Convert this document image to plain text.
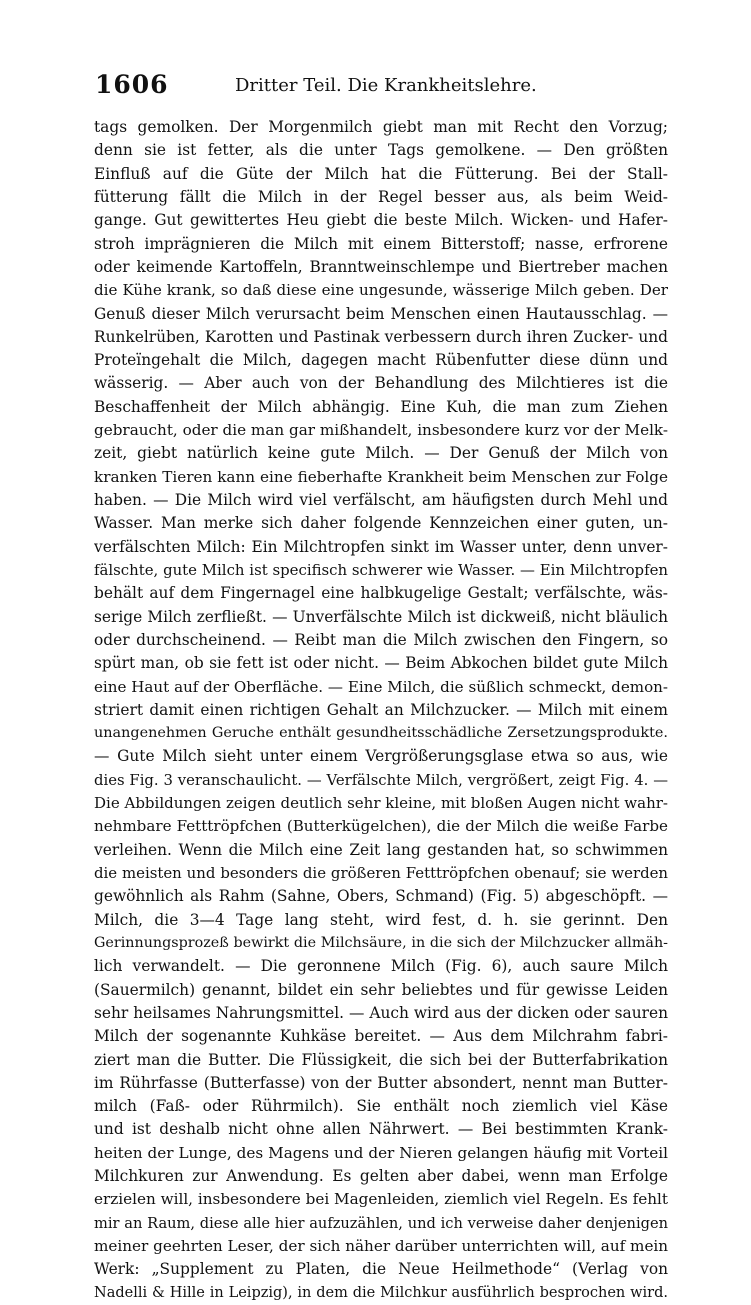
1606	Dritter Teil. Die Krankheitslehre.
tags gemolken. Der Morgenmilch giebt man mit Recht den Vorzug;
denn sie ist fetter, als die unter Tags gemolkene. — Den größten
Einfluß auf die Güte der Milch hat die Fütterung. Bei der Stall-
fütterung fällt die Milch in der Regel besser aus, als beim Weid-
gange. Gut gewittertes Heu giebt die beste Milch. Wicken- und Hafer-
stroh imprägnieren die Milch mit einem Bitterstoff; nasse, erfrorene
oder keimende Kartoffeln, Branntweinschlempe und Biertreber machen
die Kühe krank, so daß diese eine ungesunde, wässerige Milch geben. Der
Genuß dieser Milch verursacht beim Menschen einen Hautausschlag. —
Runkelrüben, Karotten und Pastinak verbessern durch ihren Zucker- und
Proteïngehalt die Milch, dagegen macht Rübenfutter diese dünn und
wässerig. — Aber auch von der Behandlung des Milchtieres ist die
Beschaffenheit der Milch abhängig. Eine Kuh, die man zum Ziehen
gebraucht, oder die man gar mißhandelt, insbesondere kurz vor der Melk-
zeit, giebt natürlich keine gute Milch. — Der Genuß der Milch von
kranken Tieren kann eine fieberhafte Krankheit beim Menschen zur Folge
haben. — Die Milch wird viel verfälscht, am häufigsten durch Mehl und
Wasser. Man merke sich daher folgende Kennzeichen einer guten, un-
verfälschten Milch: Ein Milchtropfen sinkt im Wasser unter, denn unver-
fälschte, gute Milch ist specifisch schwerer wie Wasser. — Ein Milchtropfen
behält auf dem Fingernagel eine halbkugelige Gestalt; verfälschte, wäs-
serige Milch zerfließt. — Unverfälschte Milch ist dickweiß, nicht bläulich
oder durchscheinend. — Reibt man die Milch zwischen den Fingern, so
spürt man, ob sie fett ist oder nicht. — Beim Abkochen bildet gute Milch
eine Haut auf der Oberfläche. — Eine Milch, die süßlich schmeckt, demon-
striert damit einen richtigen Gehalt an Milchzucker. — Milch mit einem
unangenehmen Geruche enthält gesundheitsschädliche Zersetzungsprodukte.
— Gute Milch sieht unter einem Vergrößerungsglase etwa so aus, wie
dies Fig. 3 veranschaulicht. — Verfälschte Milch, vergrößert, zeigt Fig. 4. —
Die Abbildungen zeigen deutlich sehr kleine, mit bloßen Augen nicht wahr-
nehmbare Fetttröpfchen (Butterkügelchen), die der Milch die weiße Farbe
verleihen. Wenn die Milch eine Zeit lang gestanden hat, so schwimmen
die meisten und besonders die größeren Fetttröpfchen obenauf; sie werden
gewöhnlich als Rahm (Sahne, Obers, Schmand) (Fig. 5) abgeschöpft. —
Milch, die 3—4 Tage lang steht, wird fest, d. h. sie gerinnt. Den
Gerinnungsprozeß bewirkt die Milchsäure, in die sich der Milchzucker allmäh-
lich verwandelt. — Die geronnene Milch (Fig. 6), auch saure Milch
(Sauermilch) genannt, bildet ein sehr beliebtes und für gewisse Leiden
sehr heilsames Nahrungsmittel. — Auch wird aus der dicken oder sauren
Milch der sogenannte Kuhkäse bereitet. — Aus dem Milchrahm fabri-
ziert man die Butter. Die Flüssigkeit, die sich bei der Butterfabrikation
im Rührfasse (Butterfasse) von der Butter absondert, nennt man Butter-
milch (Faß- oder Rührmilch). Sie enthält noch ziemlich viel Käse
und ist deshalb nicht ohne allen Nährwert. — Bei bestimmten Krank-
heiten der Lunge, des Magens und der Nieren gelangen häufig mit Vorteil
Milchkuren zur Anwendung. Es gelten aber dabei, wenn man Erfolge
erzielen will, insbesondere bei Magenleiden, ziemlich viel Regeln. Es fehlt
mir an Raum, diese alle hier aufzuzählen, und ich verweise daher denjenigen
meiner geehrten Leser, der sich näher darüber unterrichten will, auf mein
Werk: „Supplement zu Platen, die Neue Heilmethode“ (Verlag von
Nadelli & Hille in Leipzig), in dem die Milchkur ausführlich besprochen wird.
